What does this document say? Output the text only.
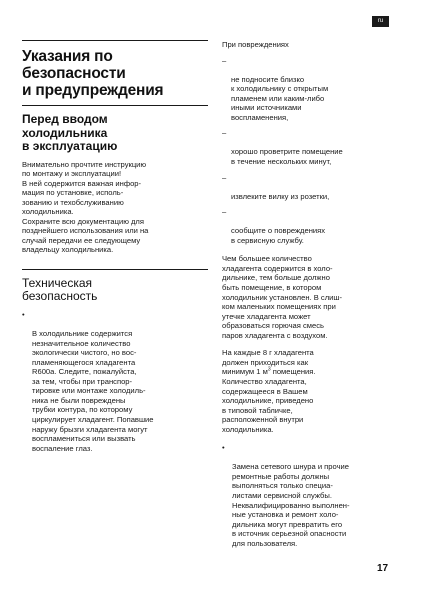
ru
Указания по
безопасности
и предупреждения
Перед вводом
холодильника
в эксплуатацию
Внимательно прочтите инструкцию
по монтажу и эксплуатации!
В ней содержится важная инфор-
мация по установке, исполь-
зованию и техобслуживанию
холодильника.
Сохраните всю документацию для
позднейшего использования или на
случай передачи ее следующему
владельцу холодильника.
Техническая
безопасность

•

В холодильнике содержится
незначительное количество
экологически чистого, но вос-
пламеняющегося хладагента
R600a. Следите, пожалуйста,
за тем, чтобы при транспор-
тировке или монтаже холодиль-
ника не были повреждены
трубки контура, по которому
циркулирует хладагент. Попавшие
наружу брызги хладагента могут
воспламениться или вызвать
воспаление глаз.

При повреждениях

–

не подносите близко
к холодильнику с открытым
пламенем или каким-либо
иными источниками
воспламенения,

–

хорошо проветрите помещение
в течение нескольких минут,

–

извлеките вилку из розетки,

–

сообщите о повреждениях
в сервисную службу.

Чем большее количество
хладагента содержится в холо-
дильнике, тем больше должно
быть помещение, в котором
холодильник установлен. В слиш-
ком маленьких помещениях при
утечке хладагента может
образоваться горючая смесь
паров хладагента с воздухом.
На каждые 8 г хладагента
должен приходиться как
минимум 1 $м^3$ помещения.
Количество хладагента,
содержащееся в Вашем
холодильнике, приведено
в типовой табличке,
расположенной внутри
холодильника.

•

Замена сетевого шнура и прочие
ремонтные работы должны
выполняться только специа-
листами сервисной службы.
Неквалифицированно выполнен-
ные установка и ремонт холо-
дильника могут превратить его
в источник серьезной опасности
для пользователя.

17
